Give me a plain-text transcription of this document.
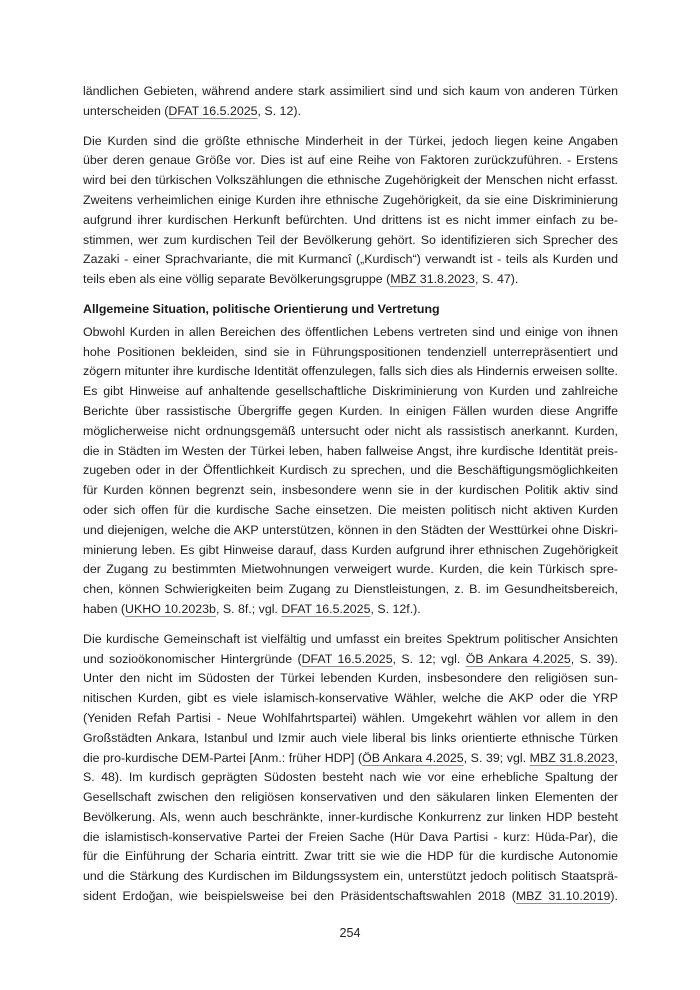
ländlichen Gebieten, während andere stark assimiliert sind und sich kaum von anderen Türken
unterscheiden (DFAT 16.5.2025, S. 12).
Die Kurden sind die größte ethnische Minderheit in der Türkei, jedoch liegen keine Angaben
über deren genaue Größe vor. Dies ist auf eine Reihe von Faktoren zurückzuführen. - Erstens
wird bei den türkischen Volkszählungen die ethnische Zugehörigkeit der Menschen nicht erfasst.
Zweitens verheimlichen einige Kurden ihre ethnische Zugehörigkeit, da sie eine Diskriminierung
aufgrund ihrer kurdischen Herkunft befürchten. Und drittens ist es nicht immer einfach zu be-
stimmen, wer zum kurdischen Teil der Bevölkerung gehört. So identifizieren sich Sprecher des
Zazaki - einer Sprachvariante, die mit Kurmancî („Kurdisch“) verwandt ist - teils als Kurden und
teils eben als eine völlig separate Bevölkerungsgruppe (MBZ 31.8.2023, S. 47).
Allgemeine Situation, politische Orientierung und Vertretung
Obwohl Kurden in allen Bereichen des öffentlichen Lebens vertreten sind und einige von ihnen
hohe Positionen bekleiden, sind sie in Führungspositionen tendenziell unterrepräsentiert und
zögern mitunter ihre kurdische Identität offenzulegen, falls sich dies als Hindernis erweisen sollte.
Es gibt Hinweise auf anhaltende gesellschaftliche Diskriminierung von Kurden und zahlreiche
Berichte über rassistische Übergriffe gegen Kurden. In einigen Fällen wurden diese Angriffe
möglicherweise nicht ordnungsgemäß untersucht oder nicht als rassistisch anerkannt. Kurden,
die in Städten im Westen der Türkei leben, haben fallweise Angst, ihre kurdische Identität preis-
zugeben oder in der Öffentlichkeit Kurdisch zu sprechen, und die Beschäftigungsmöglichkeiten
für Kurden können begrenzt sein, insbesondere wenn sie in der kurdischen Politik aktiv sind
oder sich offen für die kurdische Sache einsetzen. Die meisten politisch nicht aktiven Kurden
und diejenigen, welche die AKP unterstützen, können in den Städten der Westtürkei ohne Diskri-
minierung leben. Es gibt Hinweise darauf, dass Kurden aufgrund ihrer ethnischen Zugehörigkeit
der Zugang zu bestimmten Mietwohnungen verweigert wurde. Kurden, die kein Türkisch spre-
chen, können Schwierigkeiten beim Zugang zu Dienstleistungen, z. B. im Gesundheitsbereich,
haben (UKHO 10.2023b, S. 8f.; vgl. DFAT 16.5.2025, S. 12f.).
Die kurdische Gemeinschaft ist vielfältig und umfasst ein breites Spektrum politischer Ansichten
und sozioökonomischer Hintergründe (DFAT 16.5.2025, S. 12; vgl. ÖB Ankara 4.2025, S. 39).
Unter den nicht im Südosten der Türkei lebenden Kurden, insbesondere den religiösen sun-
nitischen Kurden, gibt es viele islamisch-konservative Wähler, welche die AKP oder die YRP
(Yeniden Refah Partisi - Neue Wohlfahrtspartei) wählen. Umgekehrt wählen vor allem in den
Großstädten Ankara, Istanbul und Izmir auch viele liberal bis links orientierte ethnische Türken
die pro-kurdische DEM-Partei [Anm.: früher HDP] (ÖB Ankara 4.2025, S. 39; vgl. MBZ 31.8.2023,
S. 48). Im kurdisch geprägten Südosten besteht nach wie vor eine erhebliche Spaltung der
Gesellschaft zwischen den religiösen konservativen und den säkularen linken Elementen der
Bevölkerung. Als, wenn auch beschränkte, inner-kurdische Konkurrenz zur linken HDP besteht
die islamistisch-konservative Partei der Freien Sache (Hür Dava Partisi - kurz: Hüda-Par), die
für die Einführung der Scharia eintritt. Zwar tritt sie wie die HDP für die kurdische Autonomie
und die Stärkung des Kurdischen im Bildungssystem ein, unterstützt jedoch politisch Staatsprä-
sident Erdoğan, wie beispielsweise bei den Präsidentschaftswahlen 2018 (MBZ 31.10.2019).
254
